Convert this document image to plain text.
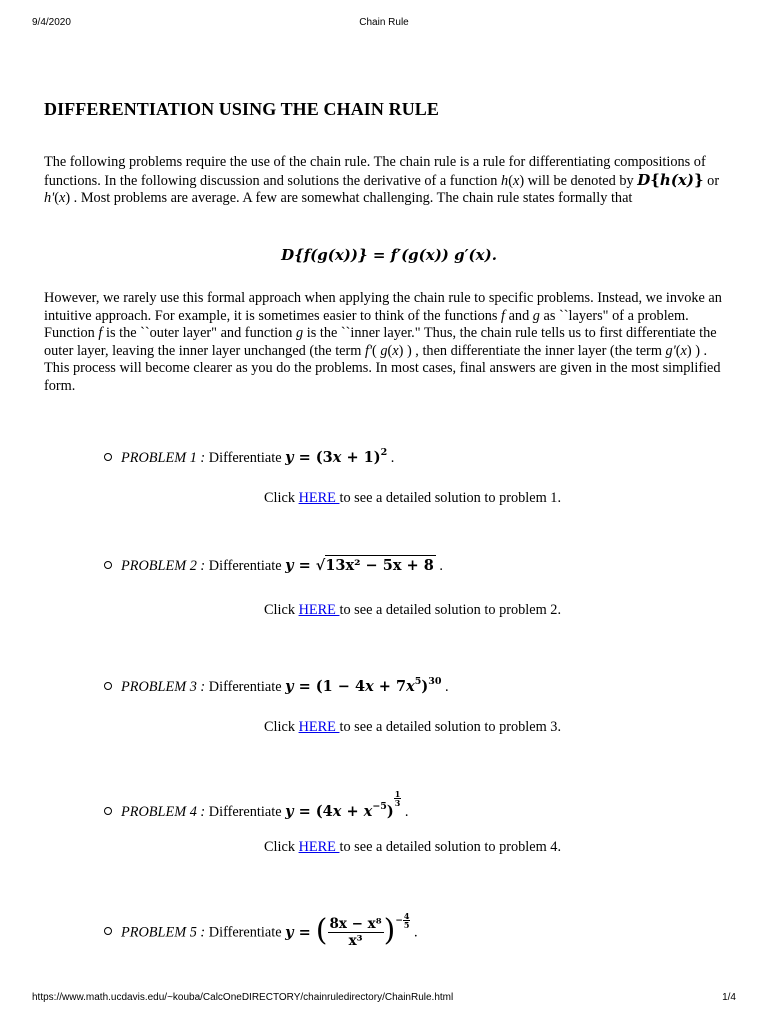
9/4/2020	Chain Rule
DIFFERENTIATION USING THE CHAIN RULE

The following problems require the use of the chain rule. The chain rule is a rule for differentiating compositions of functions. In the following discussion and solutions the derivative of a function h(x) will be denoted by D{h(x)} or h'(x) . Most problems are average. A few are somewhat challenging. The chain rule states formally that

D{f(g(x))} = f′(g(x)) g′(x).

However, we rarely use this formal approach when applying the chain rule to specific problems. Instead, we invoke an intuitive approach. For example, it is sometimes easier to think of the functions f and g as ``layers" of a problem. Function f is the ``outer layer" and function g is the ``inner layer." Thus, the chain rule tells us to first differentiate the outer layer, leaving the inner layer unchanged (the term f'( g(x) ) , then differentiate the inner layer (the term g'(x) ) . This process will become clearer as you do the problems. In most cases, final answers are given in the most simplified form.

PROBLEM 1 : Differentiate $y = (3x + 1)^2$ .
Click HERE to see a detailed solution to problem 1.
PROBLEM 2 : Differentiate y = √13x² − 5x + 8 .
Click HERE to see a detailed solution to problem 2.
PROBLEM 3 : Differentiate $y = (1 - 4x + 7x^5)^{30}$ .
Click HERE to see a detailed solution to problem 3.
PROBLEM 4 : Differentiate $y = (4x + x^{-5})$
$\frac{1}{3}$
.
Click HERE to see a detailed solution to problem 4.
PROBLEM 5 : Differentiate y = ( $\frac{\text{8x − x⁸}}{\text{x³}}$ )− $\frac{4}{5}$
.
https://www.math.ucdavis.edu/~kouba/CalcOneDIRECTORY/chainruledirectory/ChainRule.html	1/4
